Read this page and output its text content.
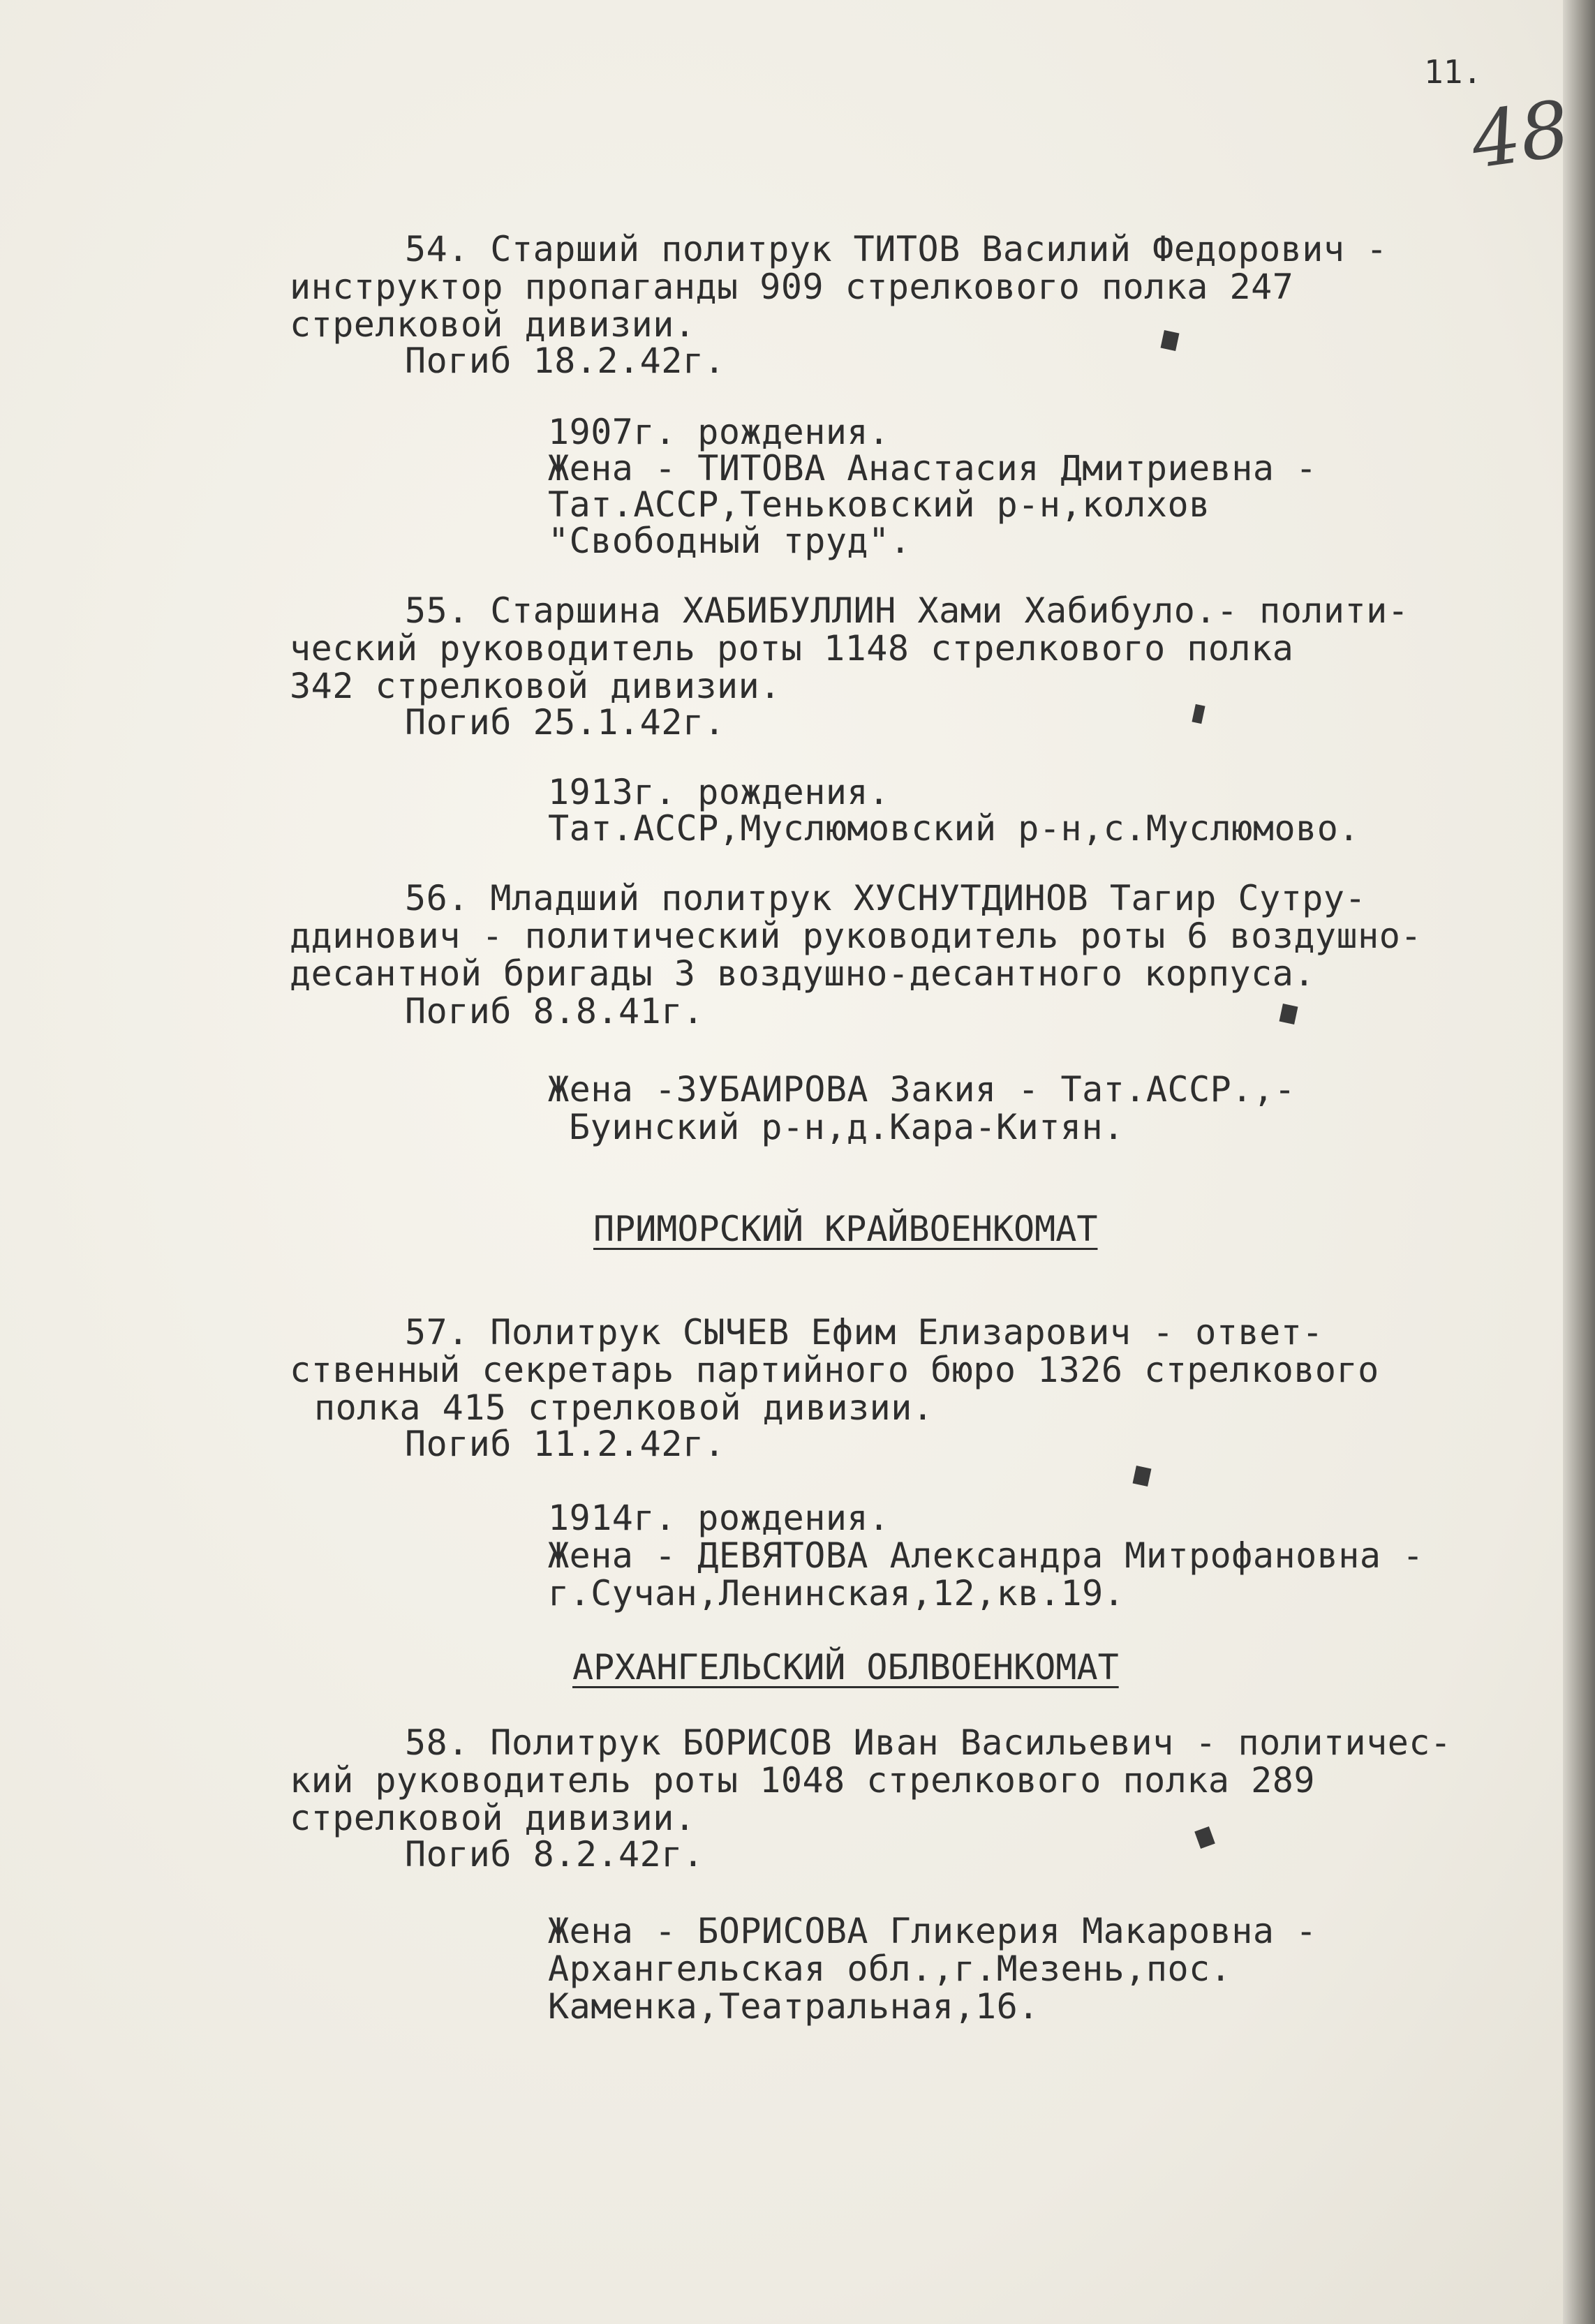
11.
48
54. Старший политрук ТИТОВ Василий Федорович -
инструктор пропаганды 909 стрелкового полка 247
стрелковой дивизии.
Погиб 18.2.42г.
1907г. рождения.
Жена - ТИТОВА Анастасия Дмитриевна -
Тат.АССР,Теньковский р-н,колхов
"Свободный труд".
55. Старшина ХАБИБУЛЛИН Хами Хабибуло.- полити-
ческий руководитель роты 1148 стрелкового полка
342 стрелковой дивизии.
Погиб 25.1.42г.
1913г. рождения.
Тат.АССР,Муслюмовский р-н,с.Муслюмово.
56. Младший политрук ХУСНУТДИНОВ Тагир Сутру-
ддинович - политический руководитель роты 6 воздушно-
десантной бригады 3 воздушно-десантного корпуса.
Погиб 8.8.41г.
Жена -ЗУБАИРОВА Закия - Тат.АССР.,-
Буинский р-н,д.Кара-Китян.
ПРИМОРСКИЙ КРАЙВОЕНКОМАТ
57. Политрук СЫЧЕВ Ефим Елизарович - ответ-
ственный секретарь партийного бюро 1326 стрелкового
полка 415 стрелковой дивизии.
Погиб 11.2.42г.
1914г. рождения.
Жена - ДЕВЯТОВА Александра Митрофановна -
г.Сучан,Ленинская,12,кв.19.
АРХАНГЕЛЬСКИЙ ОБЛВОЕНКОМАТ
58. Политрук БОРИСОВ Иван Васильевич - политичес-
кий руководитель роты 1048 стрелкового полка 289
стрелковой дивизии.
Погиб 8.2.42г.
Жена - БОРИСОВА Гликерия Макаровна -
Архангельская обл.,г.Мезень,пос.
Каменка,Театральная,16.
